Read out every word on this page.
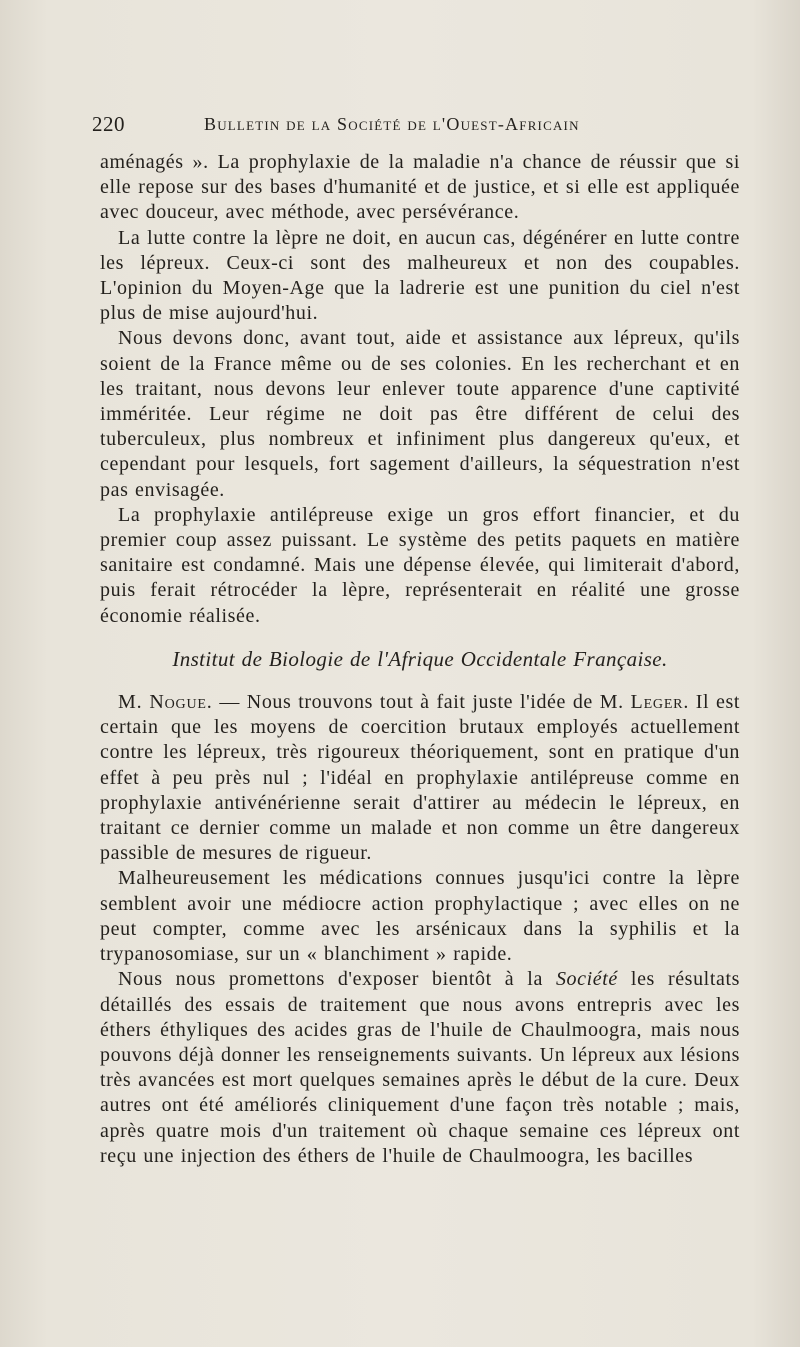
220	Bulletin de la Société de l'Ouest-Africain

aménagés ». La prophylaxie de la maladie n'a chance de réussir que si elle repose sur des bases d'humanité et de justice, et si elle est appliquée avec douceur, avec méthode, avec persévérance.

La lutte contre la lèpre ne doit, en aucun cas, dégénérer en lutte contre les lépreux. Ceux-ci sont des malheureux et non des coupables. L'opinion du Moyen-Age que la ladrerie est une punition du ciel n'est plus de mise aujourd'hui.

Nous devons donc, avant tout, aide et assistance aux lépreux, qu'ils soient de la France même ou de ses colonies. En les recherchant et en les traitant, nous devons leur enlever toute apparence d'une captivité imméritée. Leur régime ne doit pas être différent de celui des tuberculeux, plus nombreux et infiniment plus dangereux qu'eux, et cependant pour lesquels, fort sagement d'ailleurs, la séquestration n'est pas envisagée.

La prophylaxie antilépreuse exige un gros effort financier, et du premier coup assez puissant. Le système des petits paquets en matière sanitaire est condamné. Mais une dépense élevée, qui limiterait d'abord, puis ferait rétrocéder la lèpre, représenterait en réalité une grosse économie réalisée.

Institut de Biologie de l'Afrique Occidentale Française.

M. Nogue. — Nous trouvons tout à fait juste l'idée de M. Leger. Il est certain que les moyens de coercition brutaux employés actuellement contre les lépreux, très rigoureux théoriquement, sont en pratique d'un effet à peu près nul ; l'idéal en prophylaxie antilépreuse comme en prophylaxie antivénérienne serait d'attirer au médecin le lépreux, en traitant ce dernier comme un malade et non comme un être dangereux passible de mesures de rigueur.

Malheureusement les médications connues jusqu'ici contre la lèpre semblent avoir une médiocre action prophylactique ; avec elles on ne peut compter, comme avec les arsénicaux dans la syphilis et la trypanosomiase, sur un « blanchiment » rapide.

Nous nous promettons d'exposer bientôt à la Société les résultats détaillés des essais de traitement que nous avons entrepris avec les éthers éthyliques des acides gras de l'huile de Chaulmoogra, mais nous pouvons déjà donner les renseignements suivants. Un lépreux aux lésions très avancées est mort quelques semaines après le début de la cure. Deux autres ont été améliorés cliniquement d'une façon très notable ; mais, après quatre mois d'un traitement où chaque semaine ces lépreux ont reçu une injection des éthers de l'huile de Chaulmoogra, les bacilles
